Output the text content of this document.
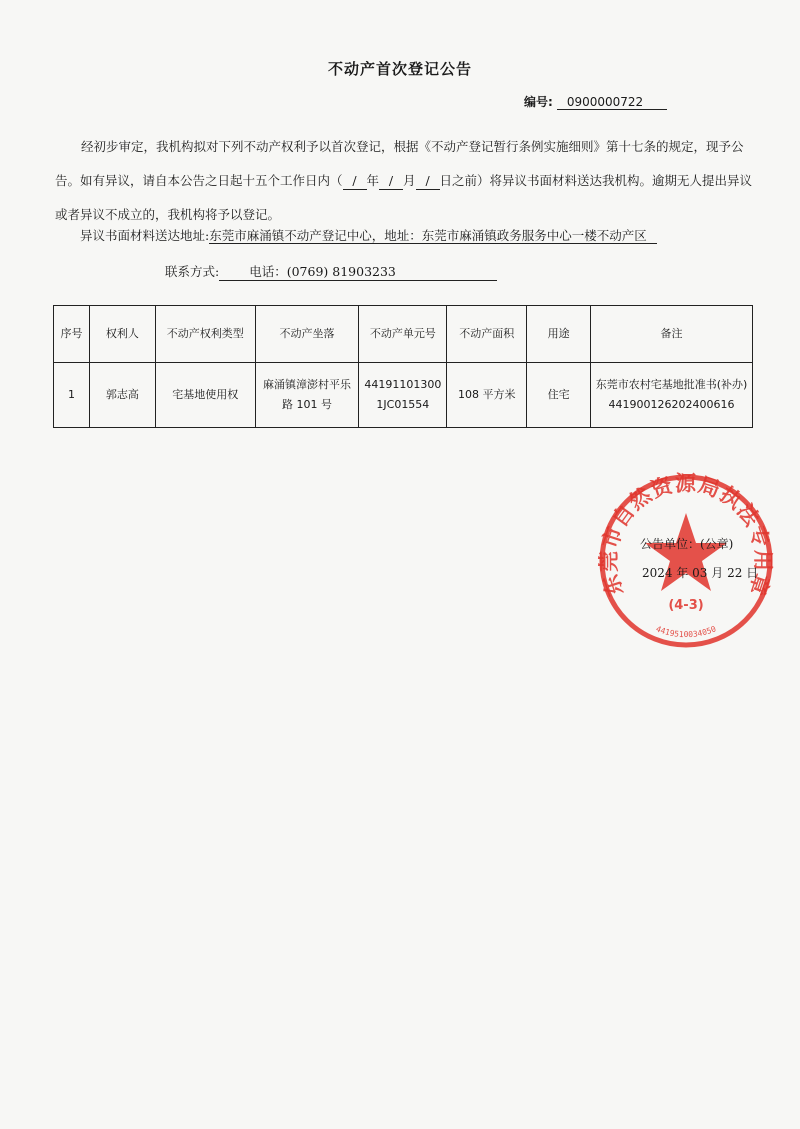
不动产首次登记公告
编号: 0900000722
经初步审定，我机构拟对下列不动产权利予以首次登记，根据《不动产登记暂行条例实施细则》第十七条的规定，现予公告。如有异议，请自本公告之日起十五个工作日内（ / 年 / 月 / 日之前）将异议书面材料送达我机构。逾期无人提出异议或者异议不成立的，我机构将予以登记。
异议书面材料送达地址:东莞市麻涌镇不动产登记中心，地址：东莞市麻涌镇政务服务中心一楼不动产区
联系方式: 电话：(0769) 81903233
序号	权利人	不动产权利类型	不动产坐落	不动产单元号	不动产面积	用途	备注
1	郭志高	宅基地使用权	麻涌镇漳澎村平乐路 101 号	441911013001JC01554	108 平方米	住宅	东莞市农村宅基地批准书(补办) 441900126202400616
东莞市自然资源局执法专用章
(4-3)
4419510034050
公告单位：(公章)
2024 年 03 月 22 日
